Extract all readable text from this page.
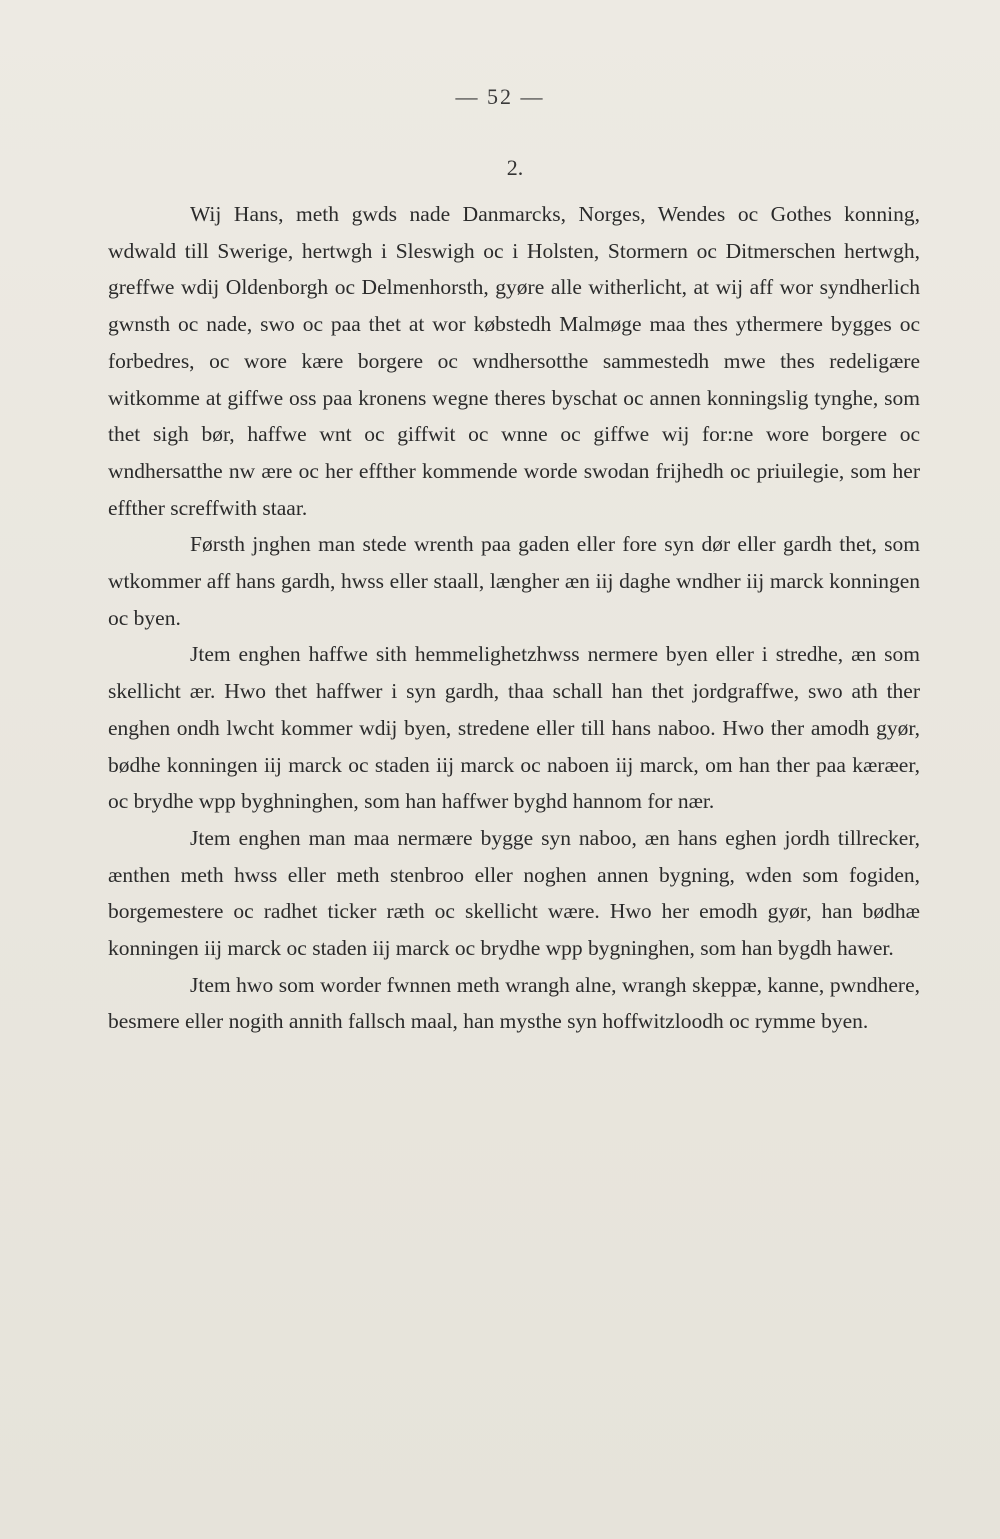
— 52 —
2.

Wij Hans, meth gwds nade Danmarcks, Norges, Wendes oc Gothes konning, wdwald till Swerige, hertwgh i Sleswigh oc i Holsten, Stormern oc Ditmerschen hertwgh, greffwe wdij Oldenborgh oc Delmenhorsth, gyøre alle witherlicht, at wij aff wor syndherlich gwnsth oc nade, swo oc paa thet at wor købstedh Malmøge maa thes ythermere bygges oc forbedres, oc wore kære borgere oc wndhersotthe sammestedh mwe thes redeligære witkomme at giffwe oss paa kronens wegne theres byschat oc annen konningslig tynghe, som thet sigh bør, haffwe wnt oc giffwit oc wnne oc giffwe wij for:ne wore borgere oc wndhersatthe nw ære oc her effther kommende worde swodan frijhedh oc priuilegie, som her effther screffwith staar.

Førsth jnghen man stede wrenth paa gaden eller fore syn dør eller gardh thet, som wtkommer aff hans gardh, hwss eller staall, længher æn iij daghe wndher iij marck konningen oc byen.

Jtem enghen haffwe sith hemmelighetzhwss nermere byen eller i stredhe, æn som skellicht ær. Hwo thet haffwer i syn gardh, thaa schall han thet jordgraffwe, swo ath ther enghen ondh lwcht kommer wdij byen, stredene eller till hans naboo. Hwo ther amodh gyør, bødhe konningen iij marck oc staden iij marck oc naboen iij marck, om han ther paa kæræer, oc brydhe wpp byghninghen, som han haffwer byghd hannom for nær.

Jtem enghen man maa nermære bygge syn naboo, æn hans eghen jordh tillrecker, ænthen meth hwss eller meth stenbroo eller noghen annen bygning, wden som fogiden, borgemestere oc radhet ticker ræth oc skellicht wære. Hwo her emodh gyør, han bødhæ konningen iij marck oc staden iij marck oc brydhe wpp bygninghen, som han bygdh hawer.

Jtem hwo som worder fwnnen meth wrangh alne, wrangh skeppæ, kanne, pwndhere, besmere eller nogith annith fallsch maal, han mysthe syn hoffwitzloodh oc rymme byen.
